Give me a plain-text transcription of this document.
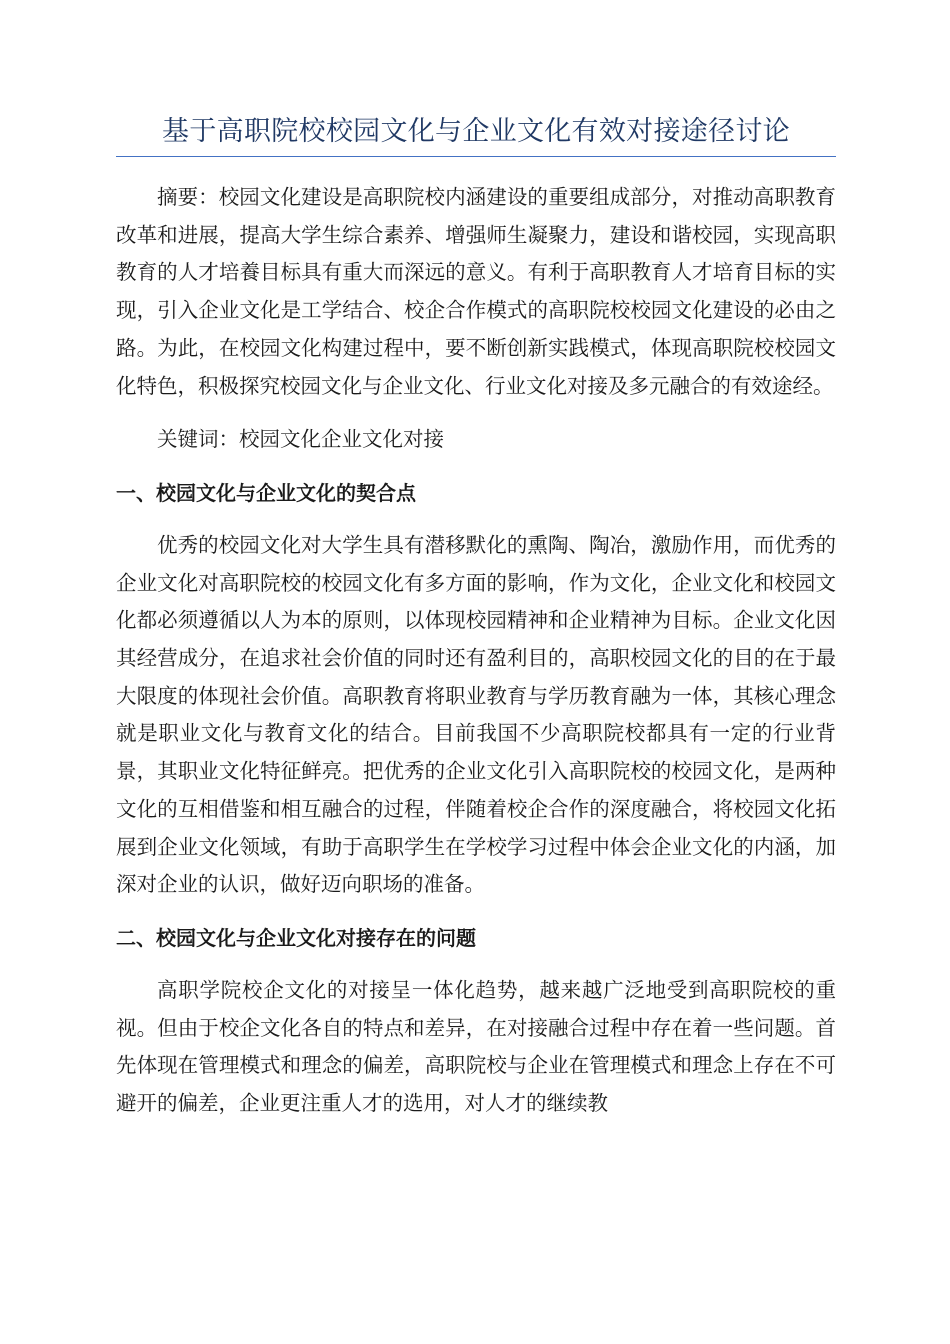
基于高职院校校园文化与企业文化有效对接途径讨论

摘要：校园文化建设是高职院校内涵建设的重要组成部分，对推动高职教育改革和进展，提高大学生综合素养、增强师生凝聚力，建设和谐校园，实现高职教育的人才培養目标具有重大而深远的意义。有利于高职教育人才培育目标的实现，引入企业文化是工学结合、校企合作模式的高职院校校园文化建设的必由之路。为此，在校园文化构建过程中，要不断创新实践模式，体现高职院校校园文化特色，积极探究校园文化与企业文化、行业文化对接及多元融合的有效途经。

关键词：校园文化企业文化对接

一、校园文化与企业文化的契合点

优秀的校园文化对大学生具有潜移默化的熏陶、陶冶，激励作用，而优秀的企业文化对高职院校的校园文化有多方面的影响，作为文化，企业文化和校园文化都必须遵循以人为本的原则，以体现校园精神和企业精神为目标。企业文化因其经营成分，在追求社会价值的同时还有盈利目的，高职校园文化的目的在于最大限度的体现社会价值。高职教育将职业教育与学历教育融为一体，其核心理念就是职业文化与教育文化的结合。目前我国不少高职院校都具有一定的行业背景，其职业文化特征鲜亮。把优秀的企业文化引入高职院校的校园文化，是两种文化的互相借鉴和相互融合的过程，伴随着校企合作的深度融合，将校园文化拓展到企业文化领域，有助于高职学生在学校学习过程中体会企业文化的内涵，加深对企业的认识，做好迈向职场的准备。

二、校园文化与企业文化对接存在的问题

高职学院校企文化的对接呈一体化趋势，越来越广泛地受到高职院校的重视。但由于校企文化各自的特点和差异，在对接融合过程中存在着一些问题。首先体现在管理模式和理念的偏差，高职院校与企业在管理模式和理念上存在不可避开的偏差，企业更注重人才的选用，对人才的继续教
